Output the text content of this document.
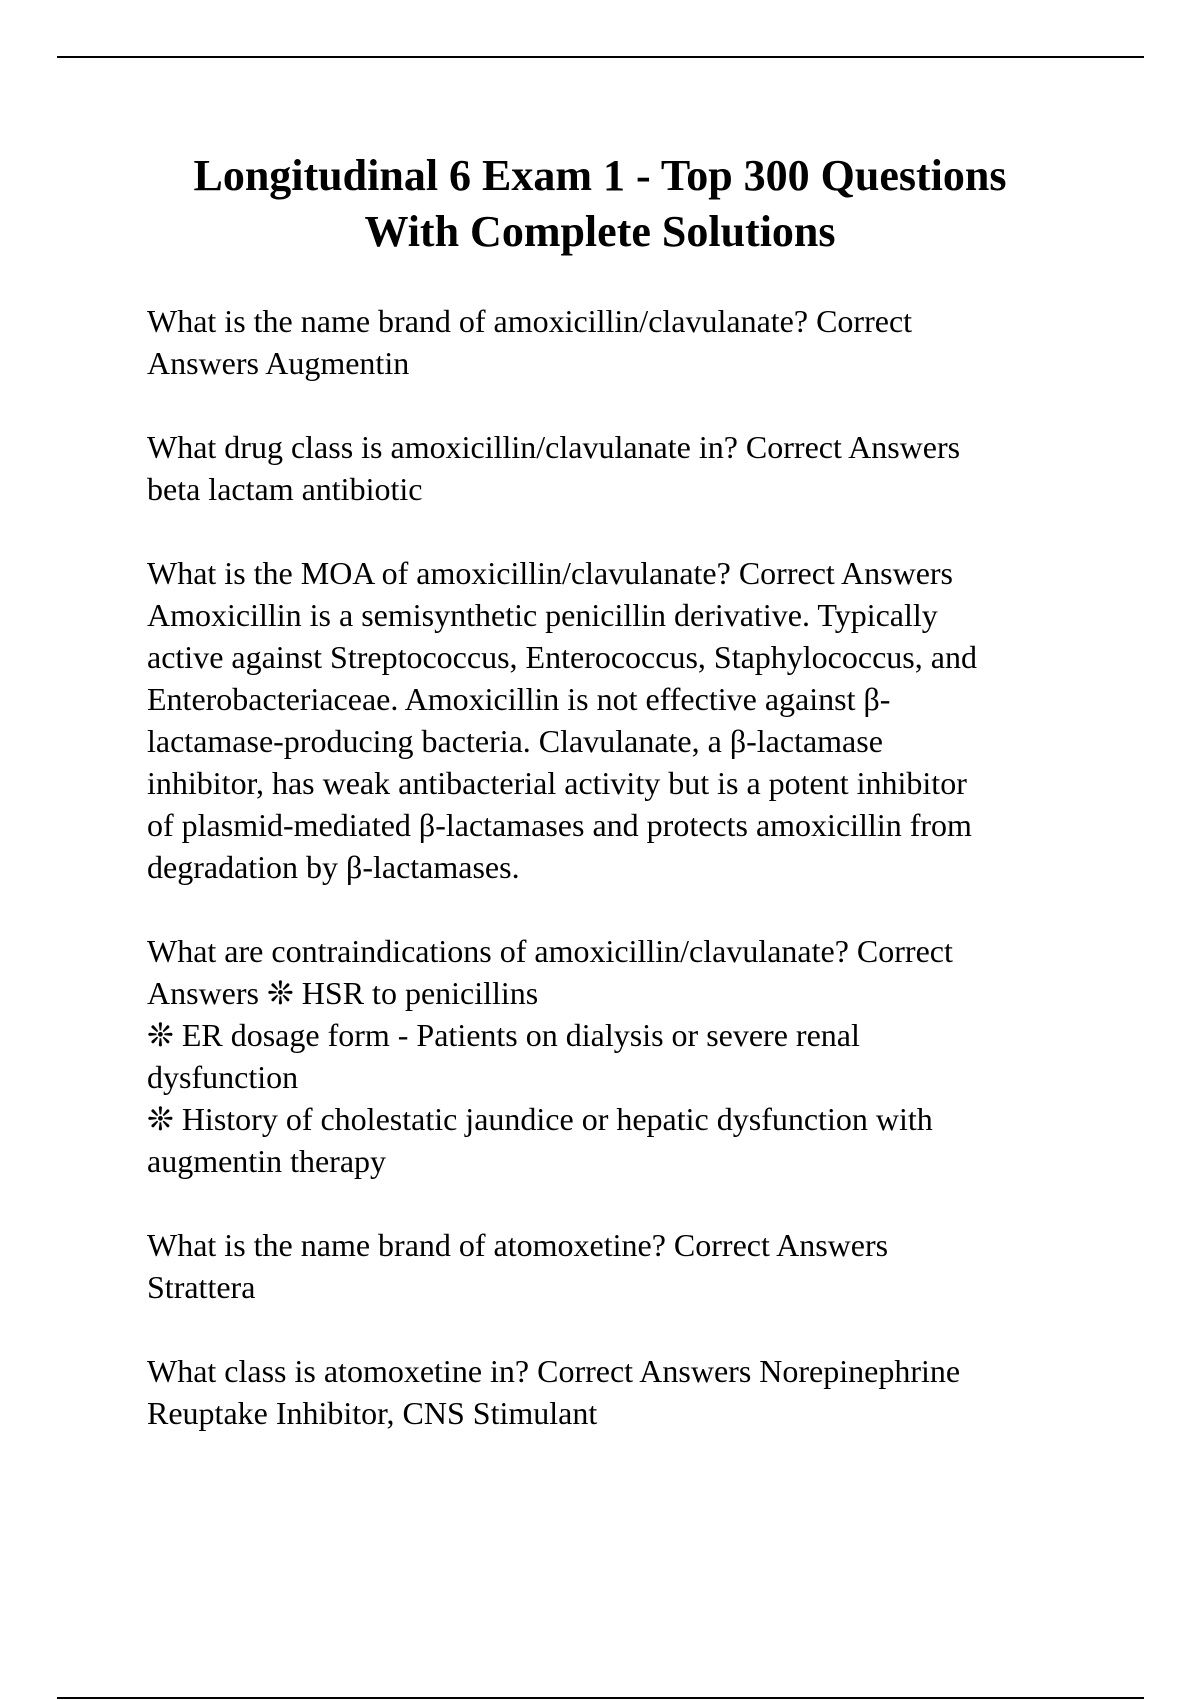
Longitudinal 6 Exam 1 - Top 300 Questions
With Complete Solutions

What is the name brand of amoxicillin/clavulanate? Correct
Answers Augmentin

What drug class is amoxicillin/clavulanate in? Correct Answers
beta lactam antibiotic

What is the MOA of amoxicillin/clavulanate? Correct Answers
Amoxicillin is a semisynthetic penicillin derivative. Typically
active against Streptococcus, Enterococcus, Staphylococcus, and
Enterobacteriaceae. Amoxicillin is not effective against β-
lactamase-producing bacteria. Clavulanate, a β-lactamase
inhibitor, has weak antibacterial activity but is a potent inhibitor
of plasmid-mediated β-lactamases and protects amoxicillin from
degradation by β-lactamases.

What are contraindications of amoxicillin/clavulanate? Correct
Answers ❊ HSR to penicillins
❊ ER dosage form - Patients on dialysis or severe renal
dysfunction
❊ History of cholestatic jaundice or hepatic dysfunction with
augmentin therapy

What is the name brand of atomoxetine? Correct Answers
Strattera

What class is atomoxetine in? Correct Answers Norepinephrine
Reuptake Inhibitor, CNS Stimulant
